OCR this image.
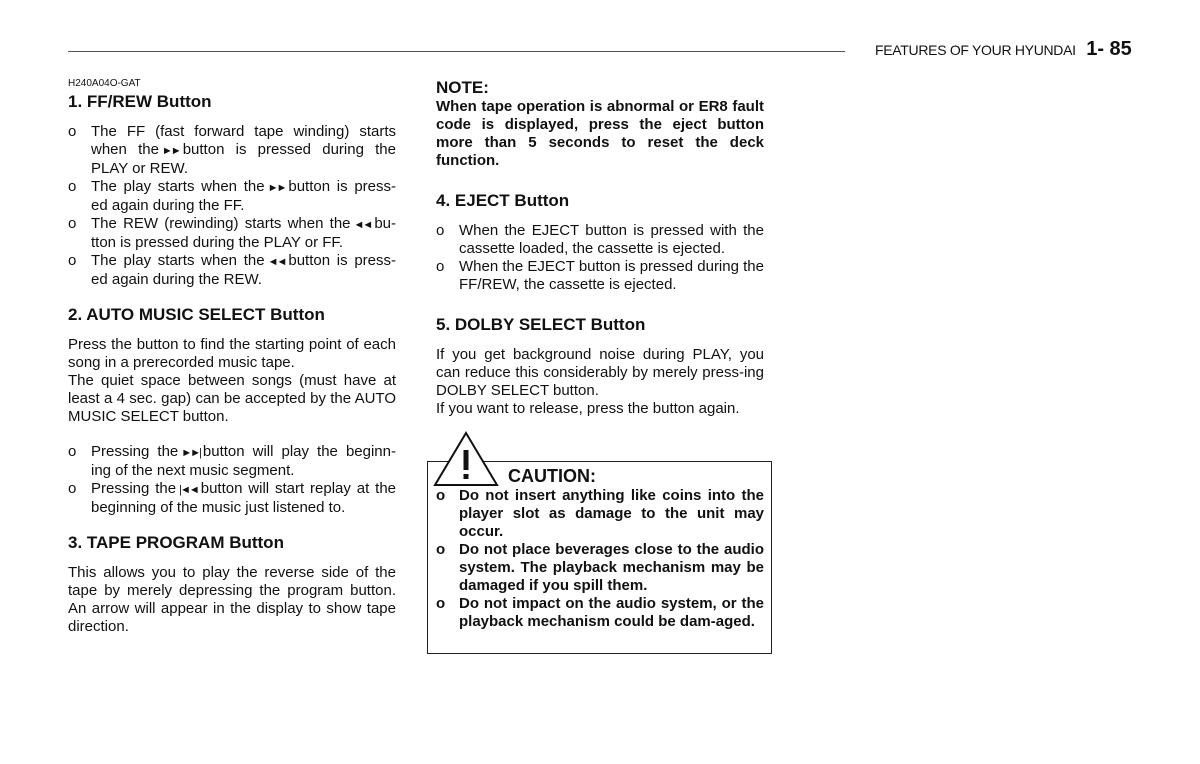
FEATURES OF YOUR HYUNDAI 1- 85
H240A04O-GAT
1. FF/REW Button
o The FF (fast forward tape winding) starts when the ►► button is pressed during the PLAY or REW.
o The play starts when the ►► button is press-ed again during the FF.
o The REW (rewinding) starts when the ◄◄ bu-tton is pressed during the PLAY or FF.
o The play starts when the ◄◄ button is press-ed again during the REW.
2. AUTO MUSIC SELECT Button

Press the button to find the starting point of each song in a prerecorded music tape.

The quiet space between songs (must have at least a 4 sec. gap) can be accepted by the AUTO MUSIC SELECT button.

o Pressing the ►►| button will play the beginn-ing of the next music segment.
o Pressing the |◄◄ button will start replay at the beginning of the music just listened to.
3. TAPE PROGRAM Button

This allows you to play the reverse side of the tape by merely depressing the program button. An arrow will appear in the display to show tape direction.

NOTE:
When tape operation is abnormal or ER8 fault code is displayed, press the eject button more than 5 seconds to reset the deck function.
4. EJECT Button
o When the EJECT button is pressed with the cassette loaded, the cassette is ejected.
o When the EJECT button is pressed during the FF/REW, the cassette is ejected.
5. DOLBY SELECT Button

If you get background noise during PLAY, you can reduce this considerably by merely press-ing DOLBY SELECT button.

If you want to release, press the button again.

CAUTION:
o Do not insert anything like coins into the player slot as damage to the unit may occur.
o Do not place beverages close to the audio system. The playback mechanism may be damaged if you spill them.
o Do not impact on the audio system, or the playback mechanism could be dam-aged.
